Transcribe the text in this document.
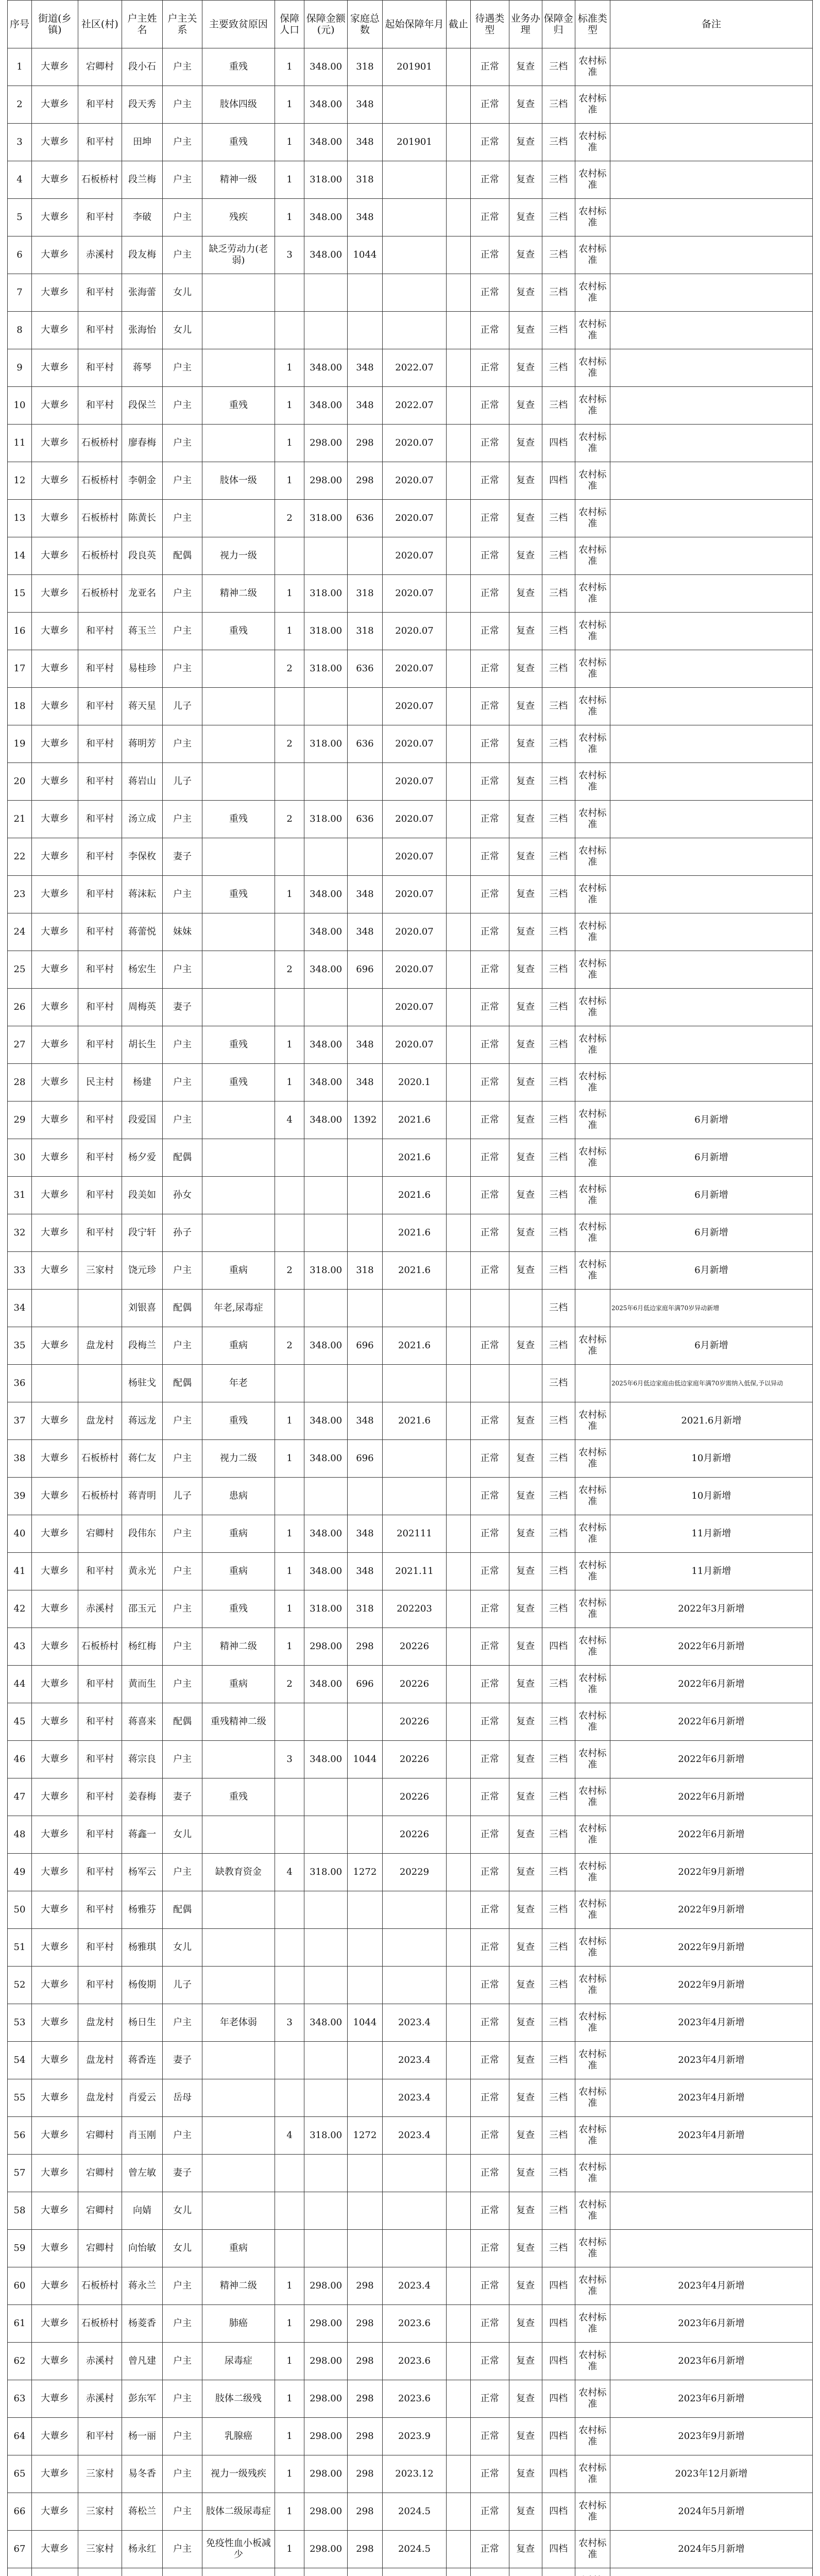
序号	街道(乡镇)	社区(村)	户主姓名	户主关系	主要致贫原因	保障人口	保障金额(元)	家庭总数	起始保障年月	截止	待遇类型	业务办理	保障金归	标准类型	备注
1	大蕈乡	宕卿村	段小石	户主	重残	1	348.00	318	201901		正常	复查	三档	农村标准	
2	大蕈乡	和平村	段天秀	户主	肢体四级	1	348.00	348			正常	复查	三档	农村标准	
3	大蕈乡	和平村	田坤	户主	重残	1	348.00	348	201901		正常	复查	三档	农村标准	
4	大蕈乡	石板桥村	段兰梅	户主	精神一级	1	318.00	318			正常	复查	三档	农村标准	
5	大蕈乡	和平村	李破	户主	残疾	1	348.00	348			正常	复查	三档	农村标准	
6	大蕈乡	赤溪村	段友梅	户主	缺乏劳动力(老弱)	3	348.00	1044			正常	复查	三档	农村标准	
7	大蕈乡	和平村	张海蕾	女儿							正常	复查	三档	农村标准	
8	大蕈乡	和平村	张海怡	女儿							正常	复查	三档	农村标准	
9	大蕈乡	和平村	蒋琴	户主		1	348.00	348	2022.07		正常	复查	三档	农村标准	
10	大蕈乡	和平村	段保兰	户主	重残	1	348.00	348	2022.07		正常	复查	三档	农村标准	
11	大蕈乡	石板桥村	廖春梅	户主		1	298.00	298	2020.07		正常	复查	四档	农村标准	
12	大蕈乡	石板桥村	李朝金	户主	肢体一级	1	298.00	298	2020.07		正常	复查	四档	农村标准	
13	大蕈乡	石板桥村	陈黄长	户主		2	318.00	636	2020.07		正常	复查	三档	农村标准	
14	大蕈乡	石板桥村	段良英	配偶	视力一级				2020.07		正常	复查	三档	农村标准	
15	大蕈乡	石板桥村	龙亚名	户主	精神二级	1	318.00	318	2020.07		正常	复查	三档	农村标准	
16	大蕈乡	和平村	蒋玉兰	户主	重残	1	318.00	318	2020.07		正常	复查	三档	农村标准	
17	大蕈乡	和平村	易桂珍	户主		2	318.00	636	2020.07		正常	复查	三档	农村标准	
18	大蕈乡	和平村	蒋天星	儿子					2020.07		正常	复查	三档	农村标准	
19	大蕈乡	和平村	蒋明芳	户主		2	318.00	636	2020.07		正常	复查	三档	农村标准	
20	大蕈乡	和平村	蒋岩山	儿子					2020.07		正常	复查	三档	农村标准	
21	大蕈乡	和平村	汤立成	户主	重残	2	318.00	636	2020.07		正常	复查	三档	农村标准	
22	大蕈乡	和平村	李保枚	妻子					2020.07		正常	复查	三档	农村标准	
23	大蕈乡	和平村	蒋沫耘	户主	重残	1	348.00	348	2020.07		正常	复查	三档	农村标准	
24	大蕈乡	和平村	蒋蕾悦	妹妹			348.00	348	2020.07		正常	复查	三档	农村标准	
25	大蕈乡	和平村	杨宏生	户主		2	348.00	696	2020.07		正常	复查	三档	农村标准	
26	大蕈乡	和平村	周梅英	妻子					2020.07		正常	复查	三档	农村标准	
27	大蕈乡	和平村	胡长生	户主	重残	1	348.00	348	2020.07		正常	复查	三档	农村标准	
28	大蕈乡	民主村	杨建	户主	重残	1	348.00	348	2020.1		正常	复查	三档	农村标准	
29	大蕈乡	和平村	段爱国	户主		4	348.00	1392	2021.6		正常	复查	三档	农村标准	6月新增
30	大蕈乡	和平村	杨夕爱	配偶					2021.6		正常	复查	三档	农村标准	6月新增
31	大蕈乡	和平村	段美如	孙女					2021.6		正常	复查	三档	农村标准	6月新增
32	大蕈乡	和平村	段宁轩	孙子					2021.6		正常	复查	三档	农村标准	6月新增
33	大蕈乡	三家村	饶元珍	户主	重病	2	318.00	318	2021.6		正常	复查	三档	农村标准	6月新增
34			刘银喜	配偶	年老,尿毒症								三档		2025年6月低边家庭年满70岁异动新增
35	大蕈乡	盘龙村	段梅兰	户主	重病	2	348.00	696	2021.6		正常	复查	三档	农村标准	6月新增
36			杨驻戈	配偶	年老								三档		2025年6月低边家庭由低边家庭年满70岁需纳入低保,予以异动
37	大蕈乡	盘龙村	蒋远龙	户主	重残	1	348.00	348	2021.6		正常	复查	三档	农村标准	2021.6月新增
38	大蕈乡	石板桥村	蒋仁友	户主	视力二级	1	348.00	696			正常	复查	三档	农村标准	10月新增
39	大蕈乡	石板桥村	蒋青明	儿子	患病						正常	复查	三档	农村标准	10月新增
40	大蕈乡	宕卿村	段伟东	户主	重病	1	348.00	348	202111		正常	复查	三档	农村标准	11月新增
41	大蕈乡	和平村	黄永光	户主	重病	1	348.00	348	2021.11		正常	复查	三档	农村标准	11月新增
42	大蕈乡	赤溪村	邵玉元	户主	重残	1	318.00	318	202203		正常	复查	三档	农村标准	2022年3月新增
43	大蕈乡	石板桥村	杨红梅	户主	精神二级	1	298.00	298	20226		正常	复查	四档	农村标准	2022年6月新增
44	大蕈乡	和平村	黄而生	户主	重病	2	348.00	696	20226		正常	复查	三档	农村标准	2022年6月新增
45	大蕈乡	和平村	蒋喜来	配偶	重残精神二级				20226		正常	复查	三档	农村标准	2022年6月新增
46	大蕈乡	和平村	蒋宗良	户主		3	348.00	1044	20226		正常	复查	三档	农村标准	2022年6月新增
47	大蕈乡	和平村	姜春梅	妻子	重残				20226		正常	复查	三档	农村标准	2022年6月新增
48	大蕈乡	和平村	蒋鑫一	女儿					20226		正常	复查	三档	农村标准	2022年6月新增
49	大蕈乡	和平村	杨军云	户主	缺教育资金	4	318.00	1272	20229		正常	复查	三档	农村标准	2022年9月新增
50	大蕈乡	和平村	杨雅芬	配偶							正常	复查	三档	农村标准	2022年9月新增
51	大蕈乡	和平村	杨雅琪	女儿							正常	复查	三档	农村标准	2022年9月新增
52	大蕈乡	和平村	杨俊期	儿子							正常	复查	三档	农村标准	2022年9月新增
53	大蕈乡	盘龙村	杨日生	户主	年老体弱	3	348.00	1044	2023.4		正常	复查	三档	农村标准	2023年4月新增
54	大蕈乡	盘龙村	蒋香连	妻子					2023.4		正常	复查	三档	农村标准	2023年4月新增
55	大蕈乡	盘龙村	肖爱云	岳母					2023.4		正常	复查	三档	农村标准	2023年4月新增
56	大蕈乡	宕卿村	肖玉刚	户主		4	318.00	1272	2023.4		正常	复查	三档	农村标准	2023年4月新增
57	大蕈乡	宕卿村	曾左敏	妻子							正常	复查	三档	农村标准	
58	大蕈乡	宕卿村	向婧	女儿							正常	复查	三档	农村标准	
59	大蕈乡	宕卿村	向怡敏	女儿	重病						正常	复查	三档	农村标准	
60	大蕈乡	石板桥村	蒋永兰	户主	精神二级	1	298.00	298	2023.4		正常	复查	四档	农村标准	2023年4月新增
61	大蕈乡	石板桥村	杨菱香	户主	肺癌	1	298.00	298	2023.6		正常	复查	四档	农村标准	2023年6月新增
62	大蕈乡	赤溪村	曾凡建	户主	尿毒症	1	298.00	298	2023.6		正常	复查	四档	农村标准	2023年6月新增
63	大蕈乡	赤溪村	彭东军	户主	肢体二级残	1	298.00	298	2023.6		正常	复查	四档	农村标准	2023年6月新增
64	大蕈乡	和平村	杨一丽	户主	乳腺癌	1	298.00	298	2023.9		正常	复查	四档	农村标准	2023年9月新增
65	大蕈乡	三家村	易冬香	户主	视力一级残疾	1	298.00	298	2023.12		正常	复查	四档	农村标准	2023年12月新增
66	大蕈乡	三家村	蒋松兰	户主	肢体二级尿毒症	1	298.00	298	2024.5		正常	复查	四档	农村标准	2024年5月新增
67	大蕈乡	三家村	杨永红	户主	免疫性血小板减少	1	298.00	298	2024.5		正常	复查	四档	农村标准	2024年5月新增
